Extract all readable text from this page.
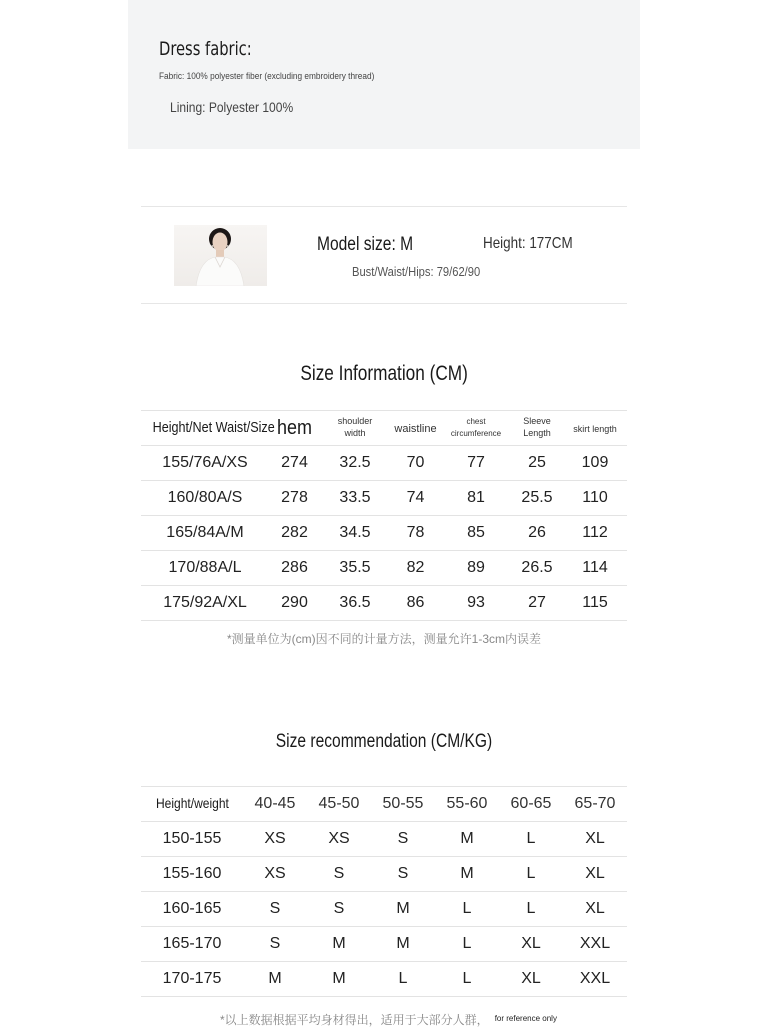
Dress fabric:
Fabric: 100% polyester fiber (excluding embroidery thread)
Lining: Polyester 100%
Model size: M	Height: 177CM
Bust/Waist/Hips: 79/62/90
Size Information (CM)
Height/Net Waist/Size	hem	shoulder width	waistline	chest circumference	Sleeve Length	skirt length
155/76A/XS	274	32.5	70	77	25	109
160/80A/S	278	33.5	74	81	25.5	110
165/84A/M	282	34.5	78	85	26	112
170/88A/L	286	35.5	82	89	26.5	114
175/92A/XL	290	36.5	86	93	27	115
*测量单位为(cm)因不同的计量方法，测量允许1-3cm内误差
Size recommendation (CM/KG)
Height/weight	40-45	45-50	50-55	55-60	60-65	65-70
150-155	XS	XS	S	M	L	XL
155-160	XS	S	S	M	L	XL
160-165	S	S	M	L	L	XL
165-170	S	M	M	L	XL	XXL
170-175	M	M	L	L	XL	XXL
*以上数据根据平均身材得出，适用于大部分人群， $^{for reference only}$
